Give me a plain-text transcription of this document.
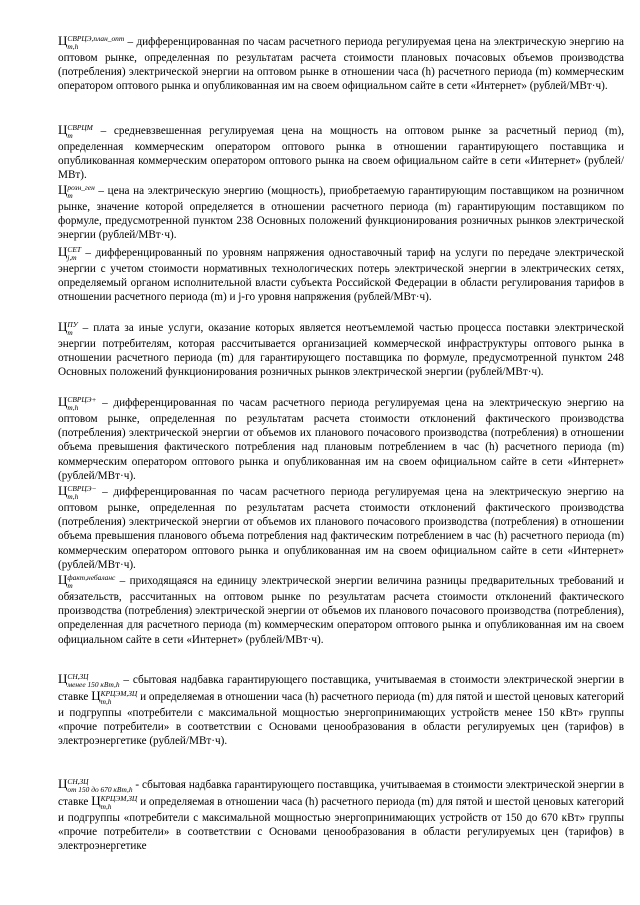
Ц СВРЦЭ,план_опт
m,h	– дифференцированная по часам расчетного периода регулируемая цена на электрическую энергию на оптовом рынке, определенная по результатам расчета стоимости плановых почасовых объемов производства (потребления) электрической энергии на оптовом рынке в отношении часа (h) расчетного периода (m) коммерческим оператором оптового рынка и опубликованная им на своем официальном сайте в сети «Интернет» (рублей/МВт·ч).

Ц СВРЦМ
m	– средневзвешенная регулируемая цена на мощность на оптовом рынке за расчетный период (m), определенная коммерческим оператором оптового рынка в отношении гарантирующего поставщика и опубликованная коммерческим оператором оптового рынка на своем официальном сайте в сети «Интернет» (рублей/МВт).

Ц розн_ген
m	– цена на электрическую энергию (мощность), приобретаемую гарантирующим поставщиком на розничном рынке, значение которой определяется в отношении расчетного периода (m) гарантирующим поставщиком по формуле, предусмотренной пунктом 238 Основных положений функционирования розничных рынков электрической энергии (рублей/МВт·ч).

Ц СЕТ
j,m – дифференцированный по уровням напряжения одноставочный тариф на услуги по передаче электрической энергии с учетом стоимости нормативных технологических потерь электрической энергии в электрических сетях, определяемый органом исполнительной власти субъекта Российской Федерации в области регулирования тарифов в отношении расчетного периода (m) и j-го уровня напряжения (рублей/МВт·ч).

Ц ПУ
m – плата за иные услуги, оказание которых является неотъемлемой частью процесса поставки электрической энергии потребителям, которая рассчитывается организацией коммерческой инфраструктуры оптового рынка в отношении расчетного периода (m) для гарантирующего поставщика по формуле, предусмотренной пунктом 248 Основных положений функционирования розничных рынков электрической энергии (рублей/МВт·ч).

Ц СВРЦЭ+
m,h	– дифференцированная по часам расчетного периода регулируемая цена на электрическую энергию на оптовом рынке, определенная по результатам расчета стоимости отклонений фактического производства (потребления) электрической энергии от объемов их планового почасового производства (потребления) в отношении объема превышения фактического потребления над плановым потреблением в час (h) расчетного периода (m) коммерческим оператором оптового рынка и опубликованная им на своем официальном сайте в сети «Интернет» (рублей/МВт·ч).

Ц СВРЦЭ−
m,h	– дифференцированная по часам расчетного периода регулируемая цена на электрическую энергию на оптовом рынке, определенная по результатам расчета стоимости отклонений фактического производства (потребления) электрической энергии от объемов их планового почасового производства (потребления) в отношении объема превышения планового объема потребления над фактическим потреблением в час (h) расчетного периода (m) коммерческим оператором оптового рынка и опубликованная им на своем официальном сайте в сети «Интернет» (рублей/МВт·ч).

Ц факт,небаланс
m	– приходящаяся на единицу электрической энергии величина разницы предварительных требований и обязательств, рассчитанных на оптовом рынке по результатам расчета стоимости отклонений фактического производства (потребления) электрической энергии от объемов их планового почасового производства (потребления), определенная для расчетного периода (m) коммерческим оператором оптового рынка и опубликованная им на своем официальном сайте в сети «Интернет» (рублей/МВт·ч).

Ц СН,ЗЦ
менее 150 кВт,h – сбытовая надбавка гарантирующего поставщика, учитываемая в стоимости электрической энергии в ставке Ц КРЦЭМ,ЗЦ
m,h	и определяемая в отношении часа (h) расчетного периода (m) для пятой и шестой ценовых категорий и подгруппы «потребители с максимальной мощностью энергопринимающих устройств менее 150 кВт» группы «прочие потребители» в соответствии с Основами ценообразования в области регулируемых цен (тарифов) в электроэнергетике (рублей/МВт·ч).

Ц СН,ЗЦ
от 150 до 670 кВт,h - сбытовая надбавка гарантирующего поставщика, учитываемая в стоимости электрической энергии в ставке Ц КРЦЭМ,ЗЦ
m,h	и определяемая в отношении часа (h) расчетного периода (m) для пятой и шестой ценовых категорий и подгруппы «потребители с максимальной мощностью энергопринимающих устройств от 150 до 670 кВт» группы «прочие потребители» в соответствии с Основами ценообразования в области регулируемых цен (тарифов) в электроэнергетике
